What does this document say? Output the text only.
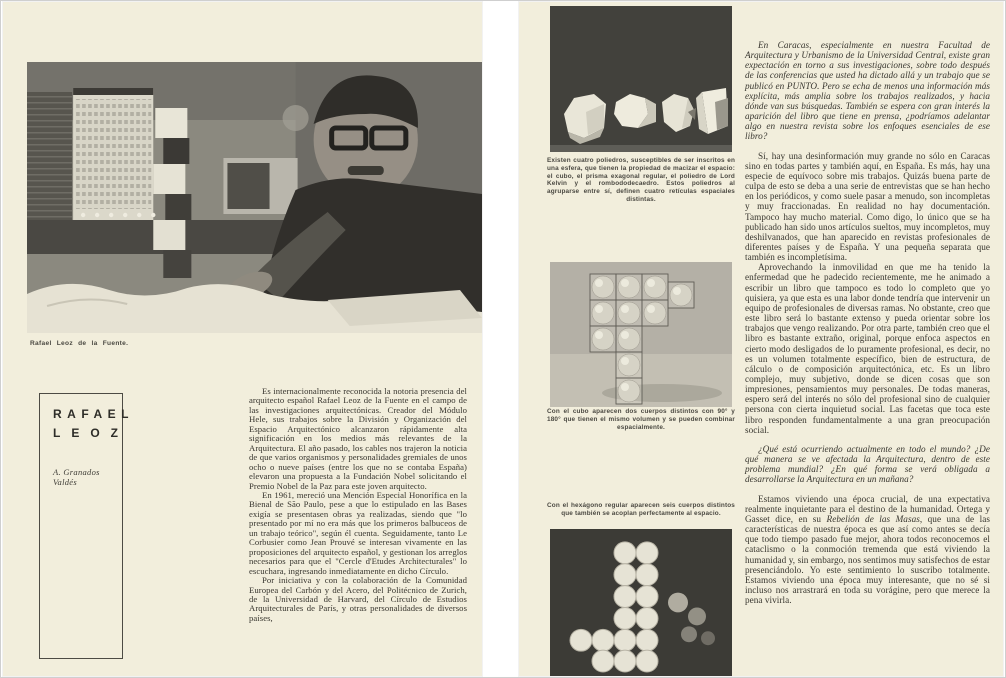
Rafael Leoz de la Fuente.
RAFAEL
LEOZ
A. Granados Valdés

Es internacionalmente reconocida la notoria presencia del arquitecto español Rafael Leoz de la Fuente en el campo de las investigaciones arquitectónicas. Creador del Módulo Hele, sus trabajos sobre la División y Organización del Espacio Arquitectónico alcanzaron rápidamente alta significación en los medios más relevantes de la Arquitectura. El año pasado, los cables nos trajeron la noticia de que varios organismos y personalidades gremiales de unos ocho o nueve países (entre los que no se contaba España) elevaron una propuesta a la Fundación Nobel solicitando el Premio Nobel de la Paz para este joven arquitecto.

En 1961, mereció una Mención Especial Honorífica en la Bienal de São Paulo, pese a que lo estipulado en las Bases exigía se presentasen obras ya realizadas, siendo que "lo presentado por mí no era más que los primeros balbuceos de un trabajo teórico", según él cuenta. Seguidamente, tanto Le Corbusier como Jean Prouvé se interesan vivamente en las proposiciones del arquitecto español, y gestionan los arreglos necesarios para que el "Cercle d'Etudes Architecturales" lo escuchara, ingresando inmediatamente en dicho Círculo.

Por iniciativa y con la colaboración de la Comunidad Europea del Carbón y del Acero, del Politécnico de Zurich, de la Universidad de Harvard, del Círculo de Estudios Arquitecturales de París, y otras personalidades de diversos países,

Existen cuatro poliedros, susceptibles de ser inscritos en una esfera, que tienen la propiedad de macizar el espacio: el cubo, el prisma exagonal regular, el poliedro de Lord Kelvin y el rombododecaedro. Estos poliedros al agruparse entre sí, definen cuatro retículas espaciales distintas.
Con el cubo aparecen dos cuerpos distintos con 90° y 180° que tienen el mismo volumen y se pueden combinar espacialmente.
Con el hexágono regular aparecen seis cuerpos distintos que también se acoplan perfectamente al espacio.

En Caracas, especialmente en nuestra Facultad de Arquitectura y Urbanismo de la Universidad Central, existe gran expectación en torno a sus investigaciones, sobre todo después de las conferencias que usted ha dictado allá y un trabajo que se publicó en PUNTO. Pero se echa de menos una información más explícita, más amplia sobre los trabajos realizados, y hacia dónde van sus búsquedas. También se espera con gran interés la aparición del libro que tiene en prensa, ¿podríamos adelantar algo en nuestra revista sobre los enfoques esenciales de ese libro?

Sí, hay una desinformación muy grande no sólo en Caracas sino en todas partes y también aquí, en España. Es más, hay una especie de equívoco sobre mis trabajos. Quizás buena parte de culpa de esto se deba a una serie de entrevistas que se han hecho en los periódicos, y como suele pasar a menudo, son incompletas y muy fraccionadas. En realidad no hay documentación. Tampoco hay mucho material. Como digo, lo único que se ha publicado han sido unos artículos sueltos, muy incompletos, muy deshilvanados, que han aparecido en revistas profesionales de diferentes países y de España. Y una pequeña separata que también es incompletísima.

Aprovechando la inmovilidad en que me ha tenido la enfermedad que he padecido recientemente, me he animado a escribir un libro que tampoco es todo lo completo que yo quisiera, ya que esta es una labor donde tendría que intervenir un equipo de profesionales de diversas ramas. No obstante, creo que este libro será lo bastante extenso y pueda orientar sobre los trabajos que vengo realizando. Por otra parte, también creo que el libro es bastante extraño, original, porque enfoca aspectos en cierto modo desligados de lo puramente profesional, es decir, no es un volumen totalmente específico, bien de estructura, de cálculo o de composición arquitectónica, etc. Es un libro complejo, muy subjetivo, donde se dicen cosas que son impresiones, pensamientos muy personales. De todas maneras, espero será del interés no sólo del profesional sino de cualquier persona con cierta inquietud social. Las facetas que toca este libro responden fundamentalmente a una gran preocupación social.

¿Qué está ocurriendo actualmente en todo el mundo? ¿De qué manera se ve afectada la Arquitectura, dentro de este problema mundial? ¿En qué forma se verá obligada a desarrollarse la Arquitectura en un mañana?

Estamos viviendo una época crucial, de una expectativa realmente inquietante para el destino de la humanidad. Ortega y Gasset dice, en su Rebelión de las Masas, que una de las características de nuestra época es que así como antes se decía que todo tiempo pasado fue mejor, ahora todos reconocemos el cataclismo o la conmoción tremenda que está viviendo la humanidad y, sin embargo, nos sentimos muy satisfechos de estar presenciándolo. Yo este sentimiento lo suscribo totalmente. Estamos viviendo una época muy interesante, que no sé si incluso nos arrastrará en toda su vorágine, pero que merece la pena vivirla.
